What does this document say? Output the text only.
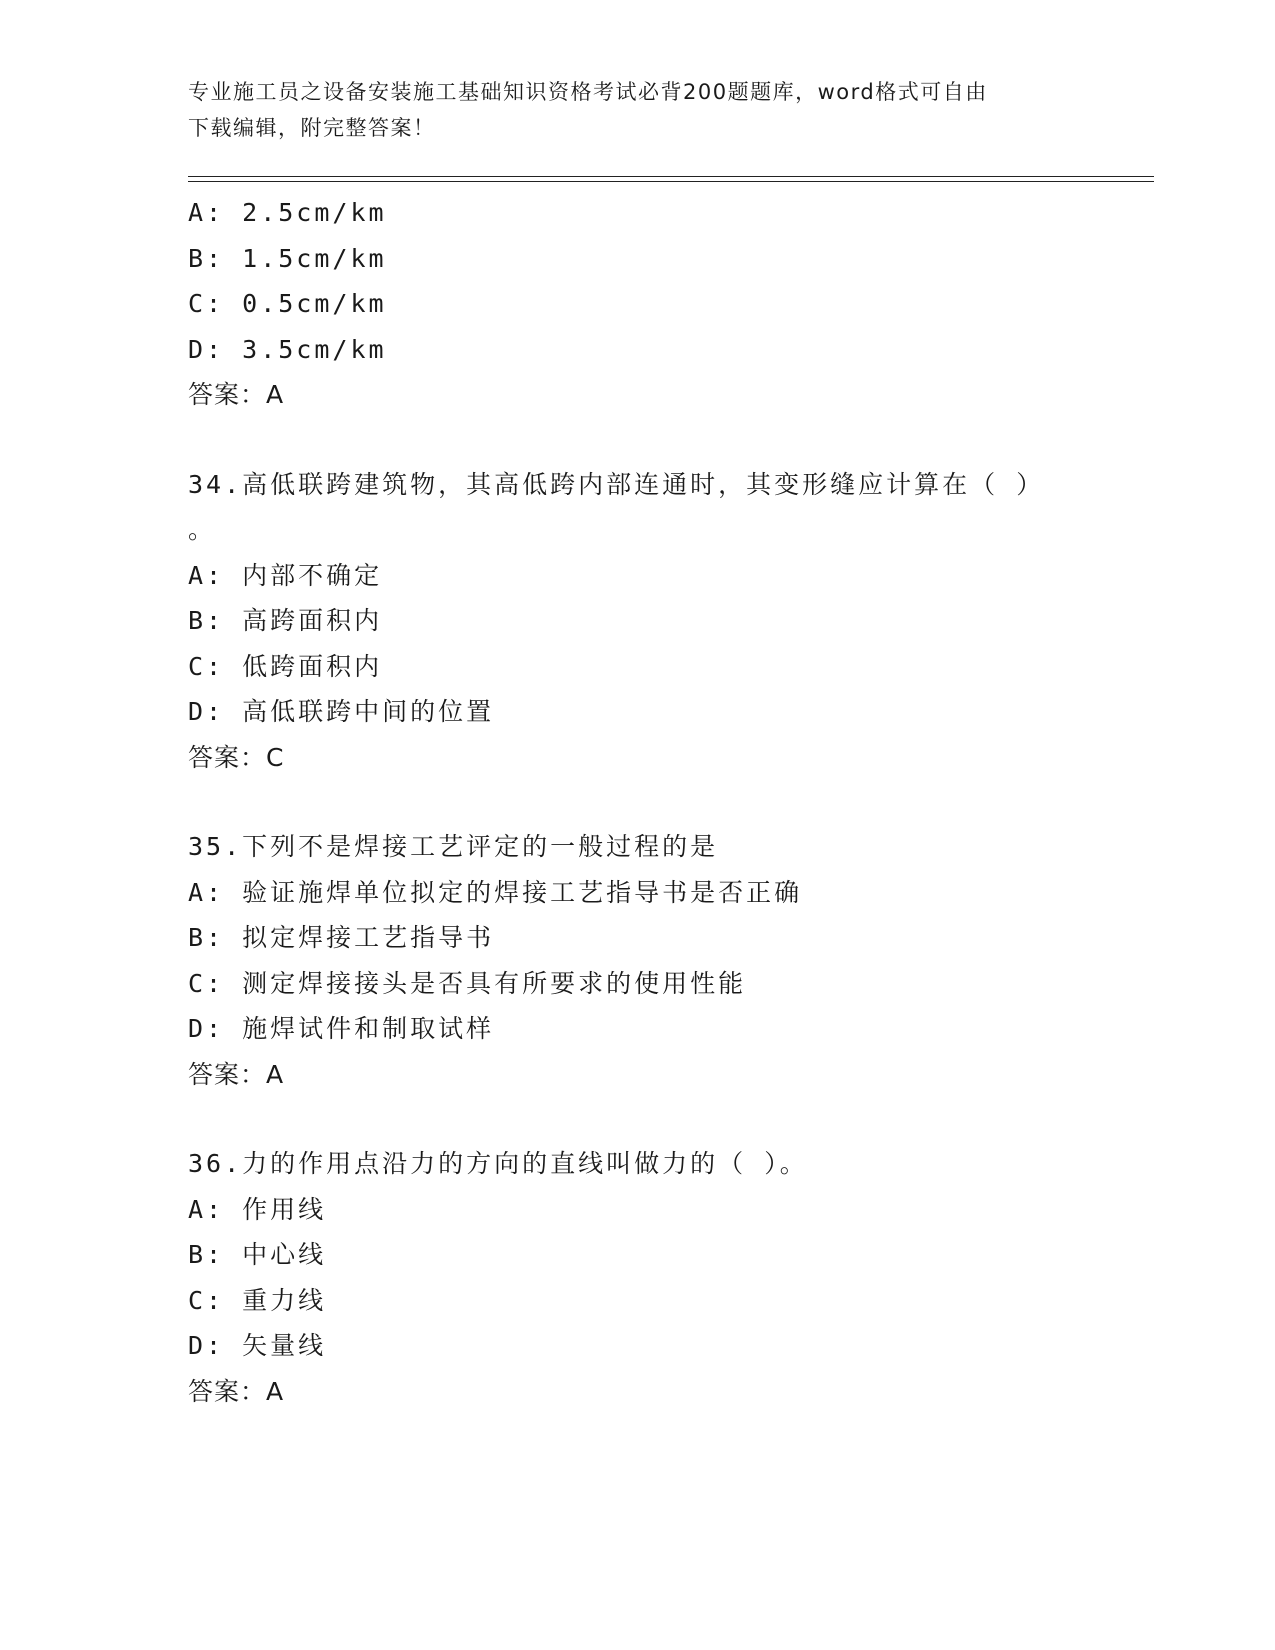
专业施工员之设备安装施工基础知识资格考试必背200题题库，word格式可自由
下载编辑，附完整答案！
A: 2.5cm/km
B: 1.5cm/km
C: 0.5cm/km
D: 3.5cm/km
答案：A
34.高低联跨建筑物，其高低跨内部连通时，其变形缝应计算在（ ）
。
A: 内部不确定
B: 高跨面积内
C: 低跨面积内
D: 高低联跨中间的位置
答案：C
35.下列不是焊接工艺评定的一般过程的是
A: 验证施焊单位拟定的焊接工艺指导书是否正确
B: 拟定焊接工艺指导书
C: 测定焊接接头是否具有所要求的使用性能
D: 施焊试件和制取试样
答案：A
36.力的作用点沿力的方向的直线叫做力的（ ）。
A: 作用线
B: 中心线
C: 重力线
D: 矢量线
答案：A
